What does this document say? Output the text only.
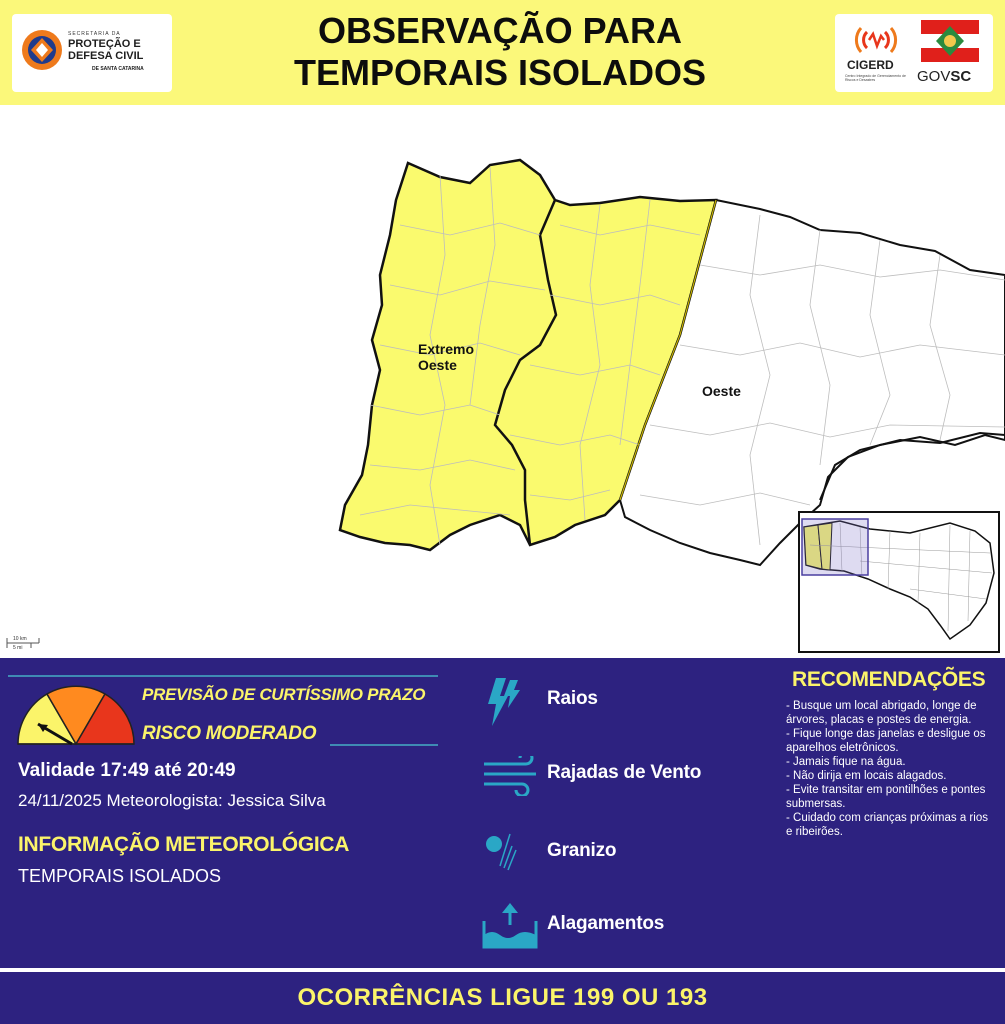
SECRETARIA DA
PROTEÇÃO E
DEFESA CIVIL
DE SANTA CATARINA
OBSERVAÇÃO PARA
TEMPORAIS ISOLADOS	CIGERD
Centro Integrado de Gerenciamento de Riscos e Desastres	GOVSC
Extremo
Oeste
Oeste
10 km
5 mi
PREVISÃO DE CURTÍSSIMO PRAZO
RISCO MODERADO
Validade 17:49 até 20:49
24/11/2025 Meteorologista: Jessica Silva
INFORMAÇÃO METEOROLÓGICA
TEMPORAIS ISOLADOS
Raios
Rajadas de Vento
Granizo
Alagamentos
RECOMENDAÇÕES
- Busque um local abrigado, longe de árvores, placas e postes de energia.
- Fique longe das janelas e desligue os aparelhos eletrônicos.
- Jamais fique na água.
- Não dirija em locais alagados.
- Evite transitar em pontilhões e pontes submersas.
- Cuidado com crianças próximas a rios e ribeirões.
OCORRÊNCIAS LIGUE 199 OU 193
